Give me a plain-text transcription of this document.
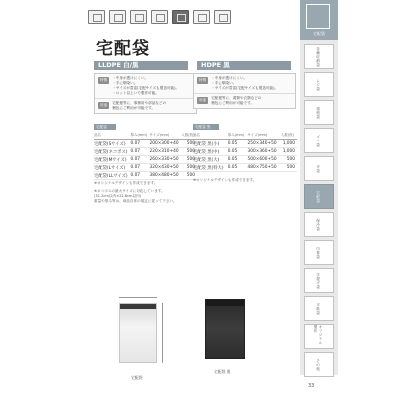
宅配袋
LLDPE 白/黒
特徴	・中身が透けにくい。
・手に馴染い。
・サイズが豊富(宅配サイズも製造可能)。
・ロット以上いで製作可能。
用途	宅配便等に、事務用や部品などの
梱包にご利用が可能です。
宅配袋
品名	厚み(mm)	サイズ(mm)	入数(枚)
宅配袋(Sサイズ)	0.07	200×300+40	500
宅配袋(ネコポス)	0.07	220×310+40	500
宅配袋(Mサイズ)	0.07	260×330+50	500
宅配袋(Lサイズ)	0.07	320×430+50	500
宅配袋(LLサイズ)	0.07	380×480+50	500
※オリジナルデザインも作成できます。
※ネコポスの最大サイズに対応しています。
(31.2cm以内×22.8cm以内)
重量や厚み等は、商品自体の規定に従って下さい。
HDPE 黒
特徴	・中身が透けにくい。
・手に馴染い。
・サイズが豊富(宅配サイズも製造可能)。
用途	宅配便等に、書類や衣類などの
梱包にご利用が可能です。
宅配袋 黒
品名	厚み(mm)	サイズ(mm)	入数(枚)
宅配袋 黒(小)	0.05	250×340+50	1,000
宅配袋 黒(中)	0.05	300×360+50	1,000
宅配袋 黒(大)	0.05	500×600+50	500
宅配袋 黒(特大)	0.05	480×750+50	500
※オリジナルデザインも作成できます。
宅配袋
宅配袋 黒
宅配袋
各種収納袋
レジ袋
規格袋
ゴミ袋
平袋
宅配袋
保冷袋
巾着袋
手提げ袋
平紙袋
オリジナル製作
その他
33
